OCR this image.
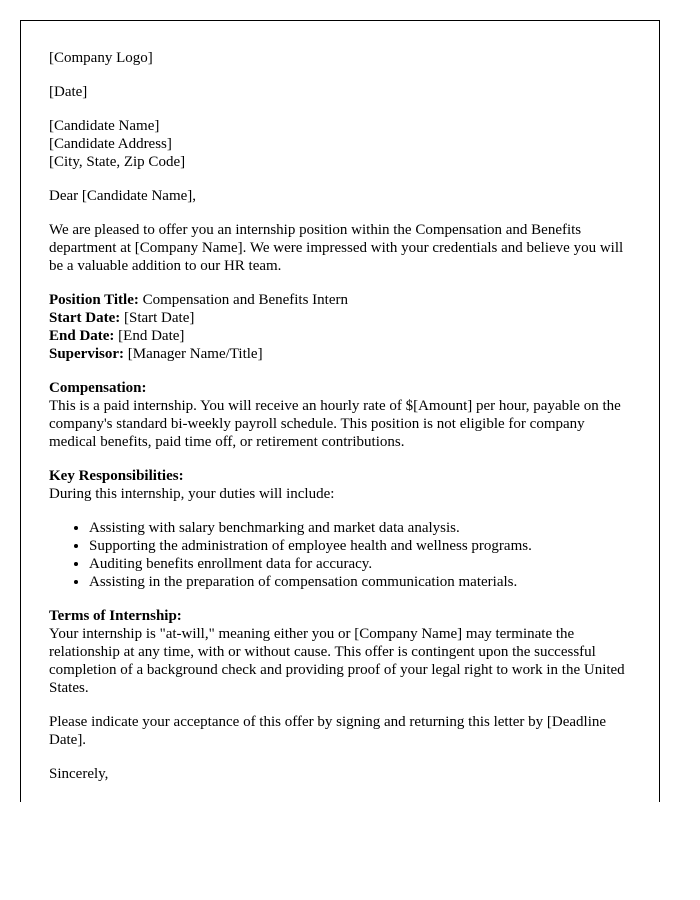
[Company Logo]

[Date]

[Candidate Name]
[Candidate Address]
[City, State, Zip Code]

Dear [Candidate Name],

We are pleased to offer you an internship position within the Compensation and Benefits department at [Company Name]. We were impressed with your credentials and believe you will be a valuable addition to our HR team.

Position Title: Compensation and Benefits Intern
Start Date: [Start Date]
End Date: [End Date]
Supervisor: [Manager Name/Title]
Compensation:
This is a paid internship. You will receive an hourly rate of $[Amount] per hour, payable on the company's standard bi-weekly payroll schedule. This position is not eligible for company medical benefits, paid time off, or retirement contributions.
Key Responsibilities:
During this internship, your duties will include:
• Assisting with salary benchmarking and market data analysis.
• Supporting the administration of employee health and wellness programs.
• Auditing benefits enrollment data for accuracy.
• Assisting in the preparation of compensation communication materials.
Terms of Internship:
Your internship is "at-will," meaning either you or [Company Name] may terminate the relationship at any time, with or without cause. This offer is contingent upon the successful completion of a background check and providing proof of your legal right to work in the United States.

Please indicate your acceptance of this offer by signing and returning this letter by [Deadline Date].

Sincerely,
